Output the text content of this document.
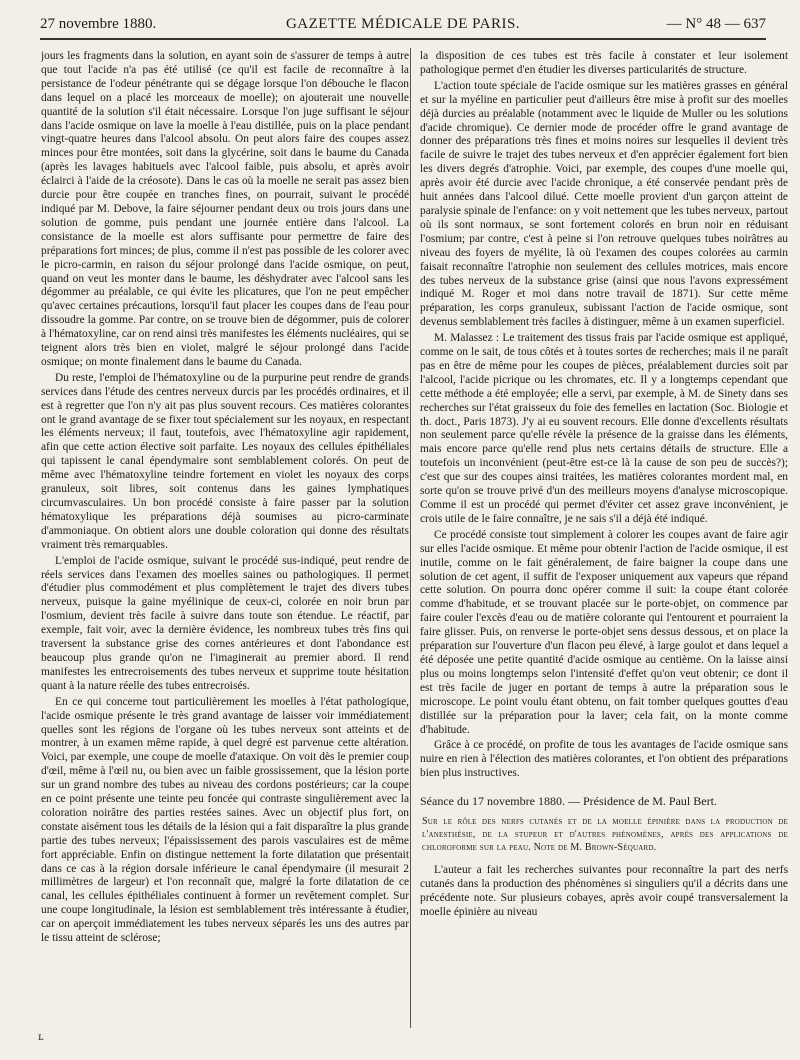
27 novembre 1880.	GAZETTE MÉDICALE DE PARIS.	— N° 48 — 637

jours les fragments dans la solution, en ayant soin de s'assurer de temps à autre que tout l'acide n'a pas été utilisé (ce qu'il est facile de reconnaître à la persistance de l'odeur pénétrante qui se dégage lorsque l'on débouche le flacon dans lequel on a placé les morceaux de moelle); on ajouterait une nouvelle quantité de la solution s'il était nécessaire. Lorsque l'on juge suffisant le séjour dans l'acide osmique on lave la moelle à l'eau distillée, puis on la place pendant vingt-quatre heures dans l'alcool absolu. On peut alors faire des coupes assez minces pour être montées, soit dans la glycérine, soit dans le baume du Canada (après les lavages habituels avec l'alcool faible, puis absolu, et après avoir éclairci à l'aide de la créosote). Dans le cas où la moelle ne serait pas assez bien durcie pour être coupée en tranches fines, on pourrait, suivant le procédé indiqué par M. Debove, la faire séjourner pendant deux ou trois jours dans une solution de gomme, puis pendant une journée entière dans l'alcool. La consistance de la moelle est alors suffisante pour permettre de faire des préparations fort minces; de plus, comme il n'est pas possible de les colorer avec le picro-carmin, en raison du séjour prolongé dans l'acide osmique, on peut, quand on veut les monter dans le baume, les déshydrater avec l'alcool sans les dégommer au préalable, ce qui évite les plicatures, que l'on ne peut empêcher qu'avec certaines précautions, lorsqu'il faut placer les coupes dans de l'eau pour dissoudre la gomme. Par contre, on se trouve bien de dégommer, puis de colorer à l'hématoxyline, car on rend ainsi très manifestes les éléments nucléaires, qui se teignent alors très bien en violet, malgré le séjour prolongé dans l'acide osmique; on monte finalement dans le baume du Canada.

Du reste, l'emploi de l'hématoxyline ou de la purpurine peut rendre de grands services dans l'étude des centres nerveux durcis par les procédés ordinaires, et il est à regretter que l'on n'y ait pas plus souvent recours. Ces matières colorantes ont le grand avantage de se fixer tout spécialement sur les noyaux, en respectant les éléments nerveux; il faut, toutefois, avec l'hématoxyline agir rapidement, afin que cette action élective soit parfaite. Les noyaux des cellules épithéliales qui tapissent le canal épendymaire sont semblablement colorés. On peut de même avec l'hématoxyline teindre fortement en violet les noyaux des corps granuleux, soit libres, soit contenus dans les gaines lymphatiques circumvasculaires. Un bon procédé consiste à faire passer par la solution hématoxylique les préparations déjà soumises au picro-carminate d'ammoniaque. On obtient alors une double coloration qui donne des résultats vraiment très remarquables.

L'emploi de l'acide osmique, suivant le procédé sus-indiqué, peut rendre de réels services dans l'examen des moelles saines ou pathologiques. Il permet d'étudier plus commodément et plus complètement le trajet des divers tubes nerveux, puisque la gaine myélinique de ceux-ci, colorée en noir brun par l'osmium, devient très facile à suivre dans toute son étendue. Le réactif, par exemple, fait voir, avec la dernière évidence, les nombreux tubes très fins qui traversent la substance grise des cornes antérieures et dont l'abondance est beaucoup plus grande qu'on ne l'imaginerait au premier abord. Il rend manifestes les entrecroisements des tubes nerveux et supprime toute hésitation quant à la nature réelle des tubes entrecroisés.

En ce qui concerne tout particulièrement les moelles à l'état pathologique, l'acide osmique présente le très grand avantage de laisser voir immédiatement quelles sont les régions de l'organe où les tubes nerveux sont atteints et de montrer, à un examen même rapide, à quel degré est parvenue cette altération. Voici, par exemple, une coupe de moelle d'ataxique. On voit dès le premier coup d'œil, même à l'œil nu, ou bien avec un faible grossissement, que la lésion porte sur un grand nombre des tubes au niveau des cordons postérieurs; car la coupe en ce point présente une teinte peu foncée qui contraste singulièrement avec la coloration noirâtre des parties restées saines. Avec un objectif plus fort, on constate aisément tous les détails de la lésion qui a fait disparaître la plus grande partie des tubes nerveux; l'épaississement des parois vasculaires est de même fort appréciable. Enfin on distingue nettement la forte dilatation que présentait dans ce cas à la région dorsale inférieure le canal épendymaire (il mesurait 2 millimètres de largeur) et l'on reconnaît que, malgré la forte dilatation de ce canal, les cellules épithéliales continuent à former un revêtement complet. Sur une coupe longitudinale, la lésion est semblablement très intéressante à étudier, car on aperçoit immédiatement les tubes nerveux séparés les uns des autres par le tissu atteint de sclérose;

la disposition de ces tubes est très facile à constater et leur isolement pathologique permet d'en étudier les diverses particularités de structure.

L'action toute spéciale de l'acide osmique sur les matières grasses en général et sur la myéline en particulier peut d'ailleurs être mise à profit sur des moelles déjà durcies au préalable (notamment avec le liquide de Muller ou les solutions d'acide chromique). Ce dernier mode de procéder offre le grand avantage de donner des préparations très fines et moins noires sur lesquelles il devient très facile de suivre le trajet des tubes nerveux et d'en apprécier également fort bien les divers degrés d'atrophie. Voici, par exemple, des coupes d'une moelle qui, après avoir été durcie avec l'acide chronique, a été conservée pendant près de huit années dans l'alcool dilué. Cette moelle provient d'un garçon atteint de paralysie spinale de l'enfance: on y voit nettement que les tubes nerveux, partout où ils sont normaux, se sont fortement colorés en brun noir en réduisant l'osmium; par contre, c'est à peine si l'on retrouve quelques tubes noirâtres au niveau des foyers de myélite, là où l'examen des coupes colorées au carmin faisait reconnaître l'atrophie non seulement des cellules motrices, mais encore des tubes nerveux de la substance grise (ainsi que nous l'avons expressément indiqué M. Roger et moi dans notre travail de 1871). Sur cette même préparation, les corps granuleux, subissant l'action de l'acide osmique, sont devenus semblablement très faciles à distinguer, même à un examen superficiel.

M. Malassez : Le traitement des tissus frais par l'acide osmique est appliqué, comme on le sait, de tous côtés et à toutes sortes de recherches; mais il ne paraît pas en être de même pour les coupes de pièces, préalablement durcies soit par l'alcool, l'acide picrique ou les chromates, etc. Il y a longtemps cependant que cette méthode a été employée; elle a servi, par exemple, à M. de Sinety dans ses recherches sur l'état graisseux du foie des femelles en lactation (Soc. Biologie et th. doct., Paris 1873). J'y ai eu souvent recours. Elle donne d'excellents résultats non seulement parce qu'elle révèle la présence de la graisse dans les éléments, mais encore parce qu'elle rend plus nets certains détails de structure. Elle a toutefois un inconvénient (peut-être est-ce là la cause de son peu de succès?); c'est que sur des coupes ainsi traitées, les matières colorantes mordent mal, en sorte qu'on se trouve privé d'un des meilleurs moyens d'analyse microscopique. Comme il est un procédé qui permet d'éviter cet assez grave inconvénient, je crois utile de le faire connaître, je ne sais s'il a déjà été indiqué.

Ce procédé consiste tout simplement à colorer les coupes avant de faire agir sur elles l'acide osmique. Et même pour obtenir l'action de l'acide osmique, il est inutile, comme on le fait généralement, de faire baigner la coupe dans une solution de cet agent, il suffit de l'exposer uniquement aux vapeurs que répand cette solution. On pourra donc opérer comme il suit: la coupe étant colorée comme d'habitude, et se trouvant placée sur le porte-objet, on commence par faire couler l'excès d'eau ou de matière colorante qui l'entourent et pourraient la faire glisser. Puis, on renverse le porte-objet sens dessus dessous, et on place la préparation sur l'ouverture d'un flacon peu élevé, à large goulot et dans lequel a été déposée une petite quantité d'acide osmique au centième. On la laisse ainsi plus ou moins longtemps selon l'intensité d'effet qu'on veut obtenir; ce dont il est très facile de juger en portant de temps à autre la préparation sous le microscope. Le point voulu étant obtenu, on fait tomber quelques gouttes d'eau distillée sur la préparation pour la laver; cela fait, on la monte comme d'habitude.

Grâce à ce procédé, on profite de tous les avantages de l'acide osmique sans nuire en rien à l'élection des matières colorantes, et l'on obtient des préparations bien plus instructives.

Séance du 17 novembre 1880. — Présidence de M. Paul Bert.

Sur le rôle des nerfs cutanés et de la moelle épinière dans la production de l'anesthésie, de la stupeur et d'autres phénomènes, après des applications de chloroforme sur la peau. Note de M. Brown-Séquard.

L'auteur a fait les recherches suivantes pour reconnaître la part des nerfs cutanés dans la production des phénomènes si singuliers qu'il a décrits dans une précédente note. Sur plusieurs cobayes, après avoir coupé transversalement la moelle épinière au niveau

ʟ
